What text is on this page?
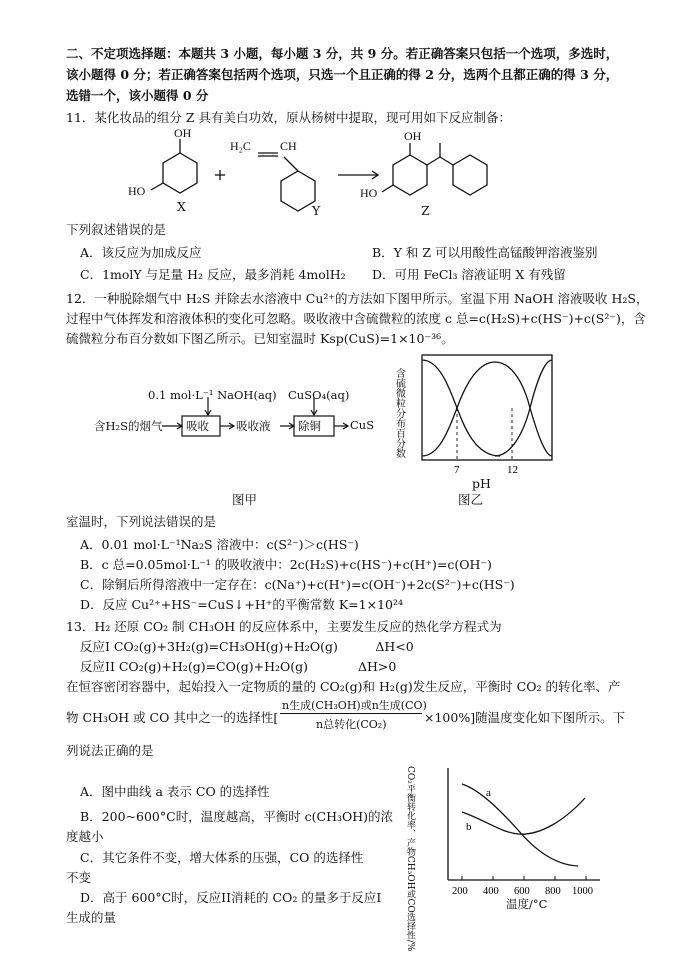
二、不定项选择题：本题共 3 小题，每小题 3 分，共 9 分。若正确答案只包括一个选项，多选时，
该小题得 0 分；若正确答案包括两个选项，只选一个且正确的得 2 分，选两个且都正确的得 3 分，
选错一个，该小题得 0 分
11．某化妆品的组分 Z 具有美白功效，原从杨树中提取，现可用如下反应制备：
OH
HO
H₂C CH
OH
HO
X	Y	Z
下列叙述错误的是
A．该反应为加成反应	B．Y 和 Z 可以用酸性高锰酸钾溶液鉴别
C．1molY 与足量 H₂ 反应，最多消耗 4molH₂ D．可用 FeCl₃ 溶液证明 X 有残留
12．一种脱除烟气中 H₂S 并除去水溶液中 Cu²⁺的方法如下图甲所示。室温下用 NaOH 溶液吸收 H₂S，
过程中气体挥发和溶液体积的变化可忽略。吸收液中含硫微粒的浓度 c 总=c(H₂S)+c(HS⁻)+c(S²⁻)，含
硫微粒分布百分数如下图乙所示。已知室温时 Ksp(CuS)=1×10⁻³⁶。
0.1 mol·L⁻¹ NaOH(aq) CuSO₄(aq)
含H₂S的烟气 吸收 吸收液 除铜	CuS
图甲
含硫微粒分布百分数
7	12
pH
图乙
室温时，下列说法错误的是
A．0.01 mol·L⁻¹Na₂S 溶液中：c(S²⁻)＞c(HS⁻)
B．c 总=0.05mol·L⁻¹ 的吸收液中：2c(H₂S)+c(HS⁻)+c(H⁺)=c(OH⁻)
C．除铜后所得溶液中一定存在：c(Na⁺)+c(H⁺)=c(OH⁻)+2c(S²⁻)+c(HS⁻)
D．反应 Cu²⁺+HS⁻=CuS↓+H⁺的平衡常数 K=1×10²⁴
13．H₂ 还原 CO₂ 制 CH₃OH 的反应体系中，主要发生反应的热化学方程式为
反应I CO₂(g)+3H₂(g)=CH₃OH(g)+H₂O(g)　　　ΔH<0
反应II CO₂(g)+H₂(g)=CO(g)+H₂O(g)　　　　ΔH>0
在恒容密闭容器中，起始投入一定物质的量的 CO₂(g)和 H₂(g)发生反应，平衡时 CO₂ 的转化率、产
物 CH₃OH 或 CO 其中之一的选择性[
n生成(CH₃OH)或n生成(CO)
n总转化(CO₂)	×100%]随温度变化如下图所示。下
列说法正确的是
A．图中曲线 a 表示 CO 的选择性
B．200~600°C时，温度越高，平衡时 c(CH₃OH)的浓
度越小
C．其它条件不变，增大体系的压强，CO 的选择性
不变
D．高于 600°C时，反应II消耗的 CO₂ 的量多于反应I
生成的量
a
b
200 400 600 800 1000
CO₂平衡转化率、产物CH₃OH或CO选择性/%	温度/°C
